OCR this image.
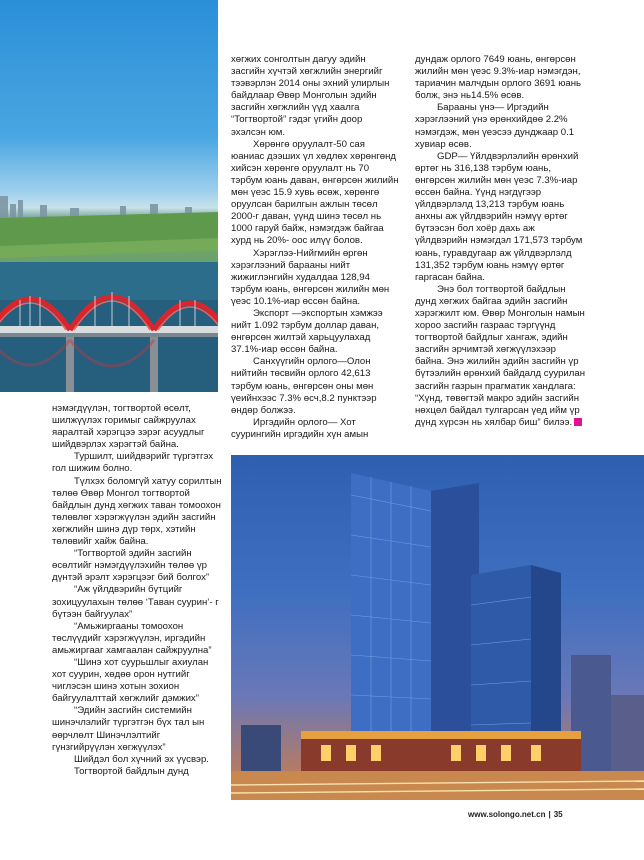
нэмэгдүүлэн, тогтвортой өсөлт, шилжүүлэх горимыг сайжруулах яаралтай хэрэгцээ зэрэг асуудлыг шийдвэрлэх хэрэгтэй байна.

Туршилт, шийдвэрийг түргэтгэх гол шижим болно.

Түлхэх боломгүй хатуу сорилтын төлөө Өвөр Монгол тогтвортой байдлын дунд хөгжих таван томоохон төлөвлөг хэрэгжүүлэн эдийн засгийн хөгжлийн шинэ дүр төрх, хэтийн төлөвийг хайж байна.

“Тогтвортой эдийн засгийн өсөлтийг нэмэгдүүлэхийн төлөө үр дүнтэй эрэлт хэрэгцээг бий болгох”

“Аж үйлдвэрийн бүтцийг зохицуулахын төлөө ‘Таван суурин’- г бүтээн байгуулах”

“Амьжиргааны томоохон төслүүдийг хэрэгжүүлэн, иргэдийн амьжиргааг хамгаалан сайжруулна”

“Шинэ хот суурьшлыг ахиулан хот суурин, хөдөө орон нутгийг чиглэсэн шинэ хотын зохион байгуулалттай хөгжлийг дэмжих”

“Эдийн засгийн системийн шинэчлэлийг түргэтгэн бүх тал ын өөрчлөлт Шинэчлэлтийг гүнзгийрүүлэн хөгжүүлэх”

Шийдэл бол хүчний эх үүсвэр.

Тогтвортой байдлын дунд

хөгжих сонголтын дагуу эдийн засгийн хүчтэй хөгжлийн энергийг тээвэрлэн 2014 оны эхний улирлын байдлаар Өвөр Монголын эдийн засгийн хөгжлийн үүд хаалга “Тогтвортой” гэдэг үгийн доор эхэлсэн юм.

Хөрөнгө оруулалт-50 сая юаниас дээших үл хөдлөх хөрөнгөнд хийсэн хөрөнгө оруулалт нь 70 тэрбум юань даван, өнгөрсөн жилийн мөн үеэс 15.9 хувь өсөж, хөрөнгө оруулсан барилгын ажлын төсөл 2000-г даван, үүнд шинэ төсөл нь 1000 гаруй байж, нэмэгдэж байгаа хурд нь 20%- оос илүү болов.

Хэрэглээ-Нийгмийн өргөн хэрэглээний барааны нийт жижиглэнгийн худалдаа 128,94 тэрбум юань, өнгөрсөн жилийн мөн үеэс 10.1%-иар өссөн байна.

Экспорт —экспортын хэмжээ нийт 1.092 тэрбум доллар даван, өнгөрсөн жилтэй харьцуулахад 37.1%-иар өссөн байна.

Санхүүгийн орлого—Олон нийтийн төсвийн орлого 42,613 тэрбум юань, өнгөрсөн оны мөн үеийнхээс 7.3% өсч,8.2 пунктээр өндөр болжээ.

Иргэдийн орлого— Хот суурингийн иргэдийн хүн амын

дундаж орлого 7649 юань, өнгөрсөн жилийн мөн үеэс 9.3%-иар нэмэгдэн, тариачин малчдын орлого 3691 юань болж, энэ нь14.5% өсөв.

Барааны үнэ— Иргэдийн хэрэглээний үнэ өрөнхийдөө 2.2% нэмэгдэж, мөн үеэсээ дунджаар 0.1 хувиар өсөв.

GDP— Үйлдвэрлэлийн өрөнхий өртөг нь 316,138 тэрбум юань, өнгөрсөн жилийн мөн үеэс 7.3%-иар өссөн байна. Үүнд нэгдүгээр үйлдвэрлэлд 13,213 тэрбум юань анхны аж үйлдвэрийн нэмүү өртөг бүтээсэн бол хоёр дахь аж үйлдвэрийн нэмэгдэл 171,573 тэрбум юань, гуравдугаар аж үйлдвэрлэлд 131,352 тэрбум юань нэмүү өртөг гаргасан байна.

Энэ бол тогтвортой байдлын дунд хөгжих байгаа эдийн засгийн хэрэгжилт юм. Өвөр Монголын намын хороо засгийн газраас тэргүүнд тогтвортой байдлыг хангаж, эдийн засгийн эрчимтэй хөгжүүлэхээр байна. Энэ жилийн эдийн засгийн үр бүтээлийн өрөнхий байдалд суурилан засгийн газрын прагматик хандлага: “Хүнд, төвөгтэй макро эдийн засгийн нөхцөл байдал тулгарсан үед ийм үр дүнд хүрсэн нь хялбар биш” билээ.

www.solongo.net.cn | 35
